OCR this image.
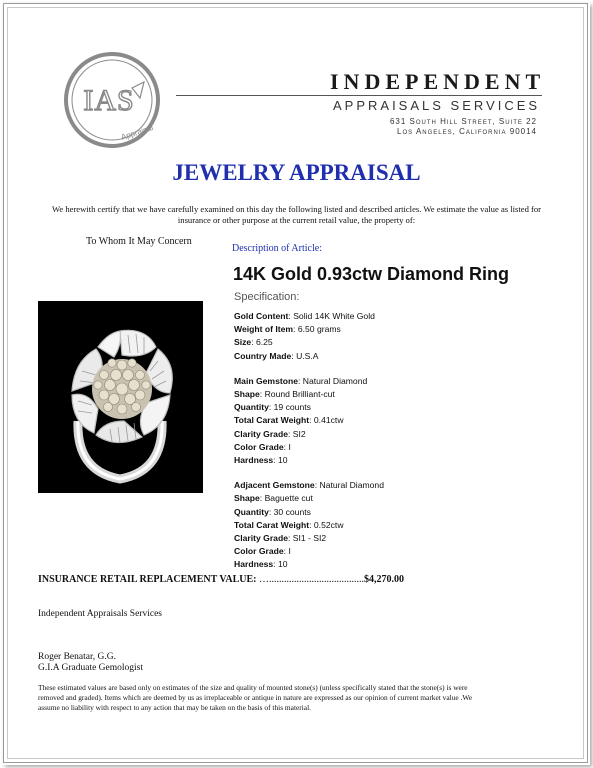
IAS
Appraisal
INDEPENDENT
APPRAISALS SERVICES
631 South Hill Street, Suite 22
Los Angeles, California 90014
JEWELRY APPRAISAL
We herewith certify that we have carefully examined on this day the following listed and described articles. We estimate the value as listed for insurance or other purpose at the current retail value, the property of:
To Whom It May Concern
Description of Article:
14K Gold 0.93ctw Diamond Ring
Specification:
Gold Content: Solid 14K White Gold
Weight of Item: 6.50 grams
Size: 6.25
Country Made: U.S.A
Main Gemstone: Natural Diamond
Shape: Round Brilliant-cut
Quantity: 19 counts
Total Carat Weight: 0.41ctw
Clarity Grade: SI2
Color Grade: I
Hardness: 10
Adjacent Gemstone: Natural Diamond
Shape: Baguette cut
Quantity: 30 counts
Total Carat Weight: 0.52ctw
Clarity Grade: SI1 - SI2
Color Grade: I
Hardness: 10
INSURANCE RETAIL REPLACEMENT VALUE: …......................................$4,270.00
Independent Appraisals Services
Roger Benatar, G.G.
G.I.A Graduate Gemologist
These estimated values are based only on estimates of the size and quality of mounted stone(s) (unless specifically stated that the stone(s) is were removed and graded). Items which are deemed by us as irreplaceable or antique in nature are expressed as our opinion of current market value .We assume no liability with respect to any action that may be taken on the basis of this material.
